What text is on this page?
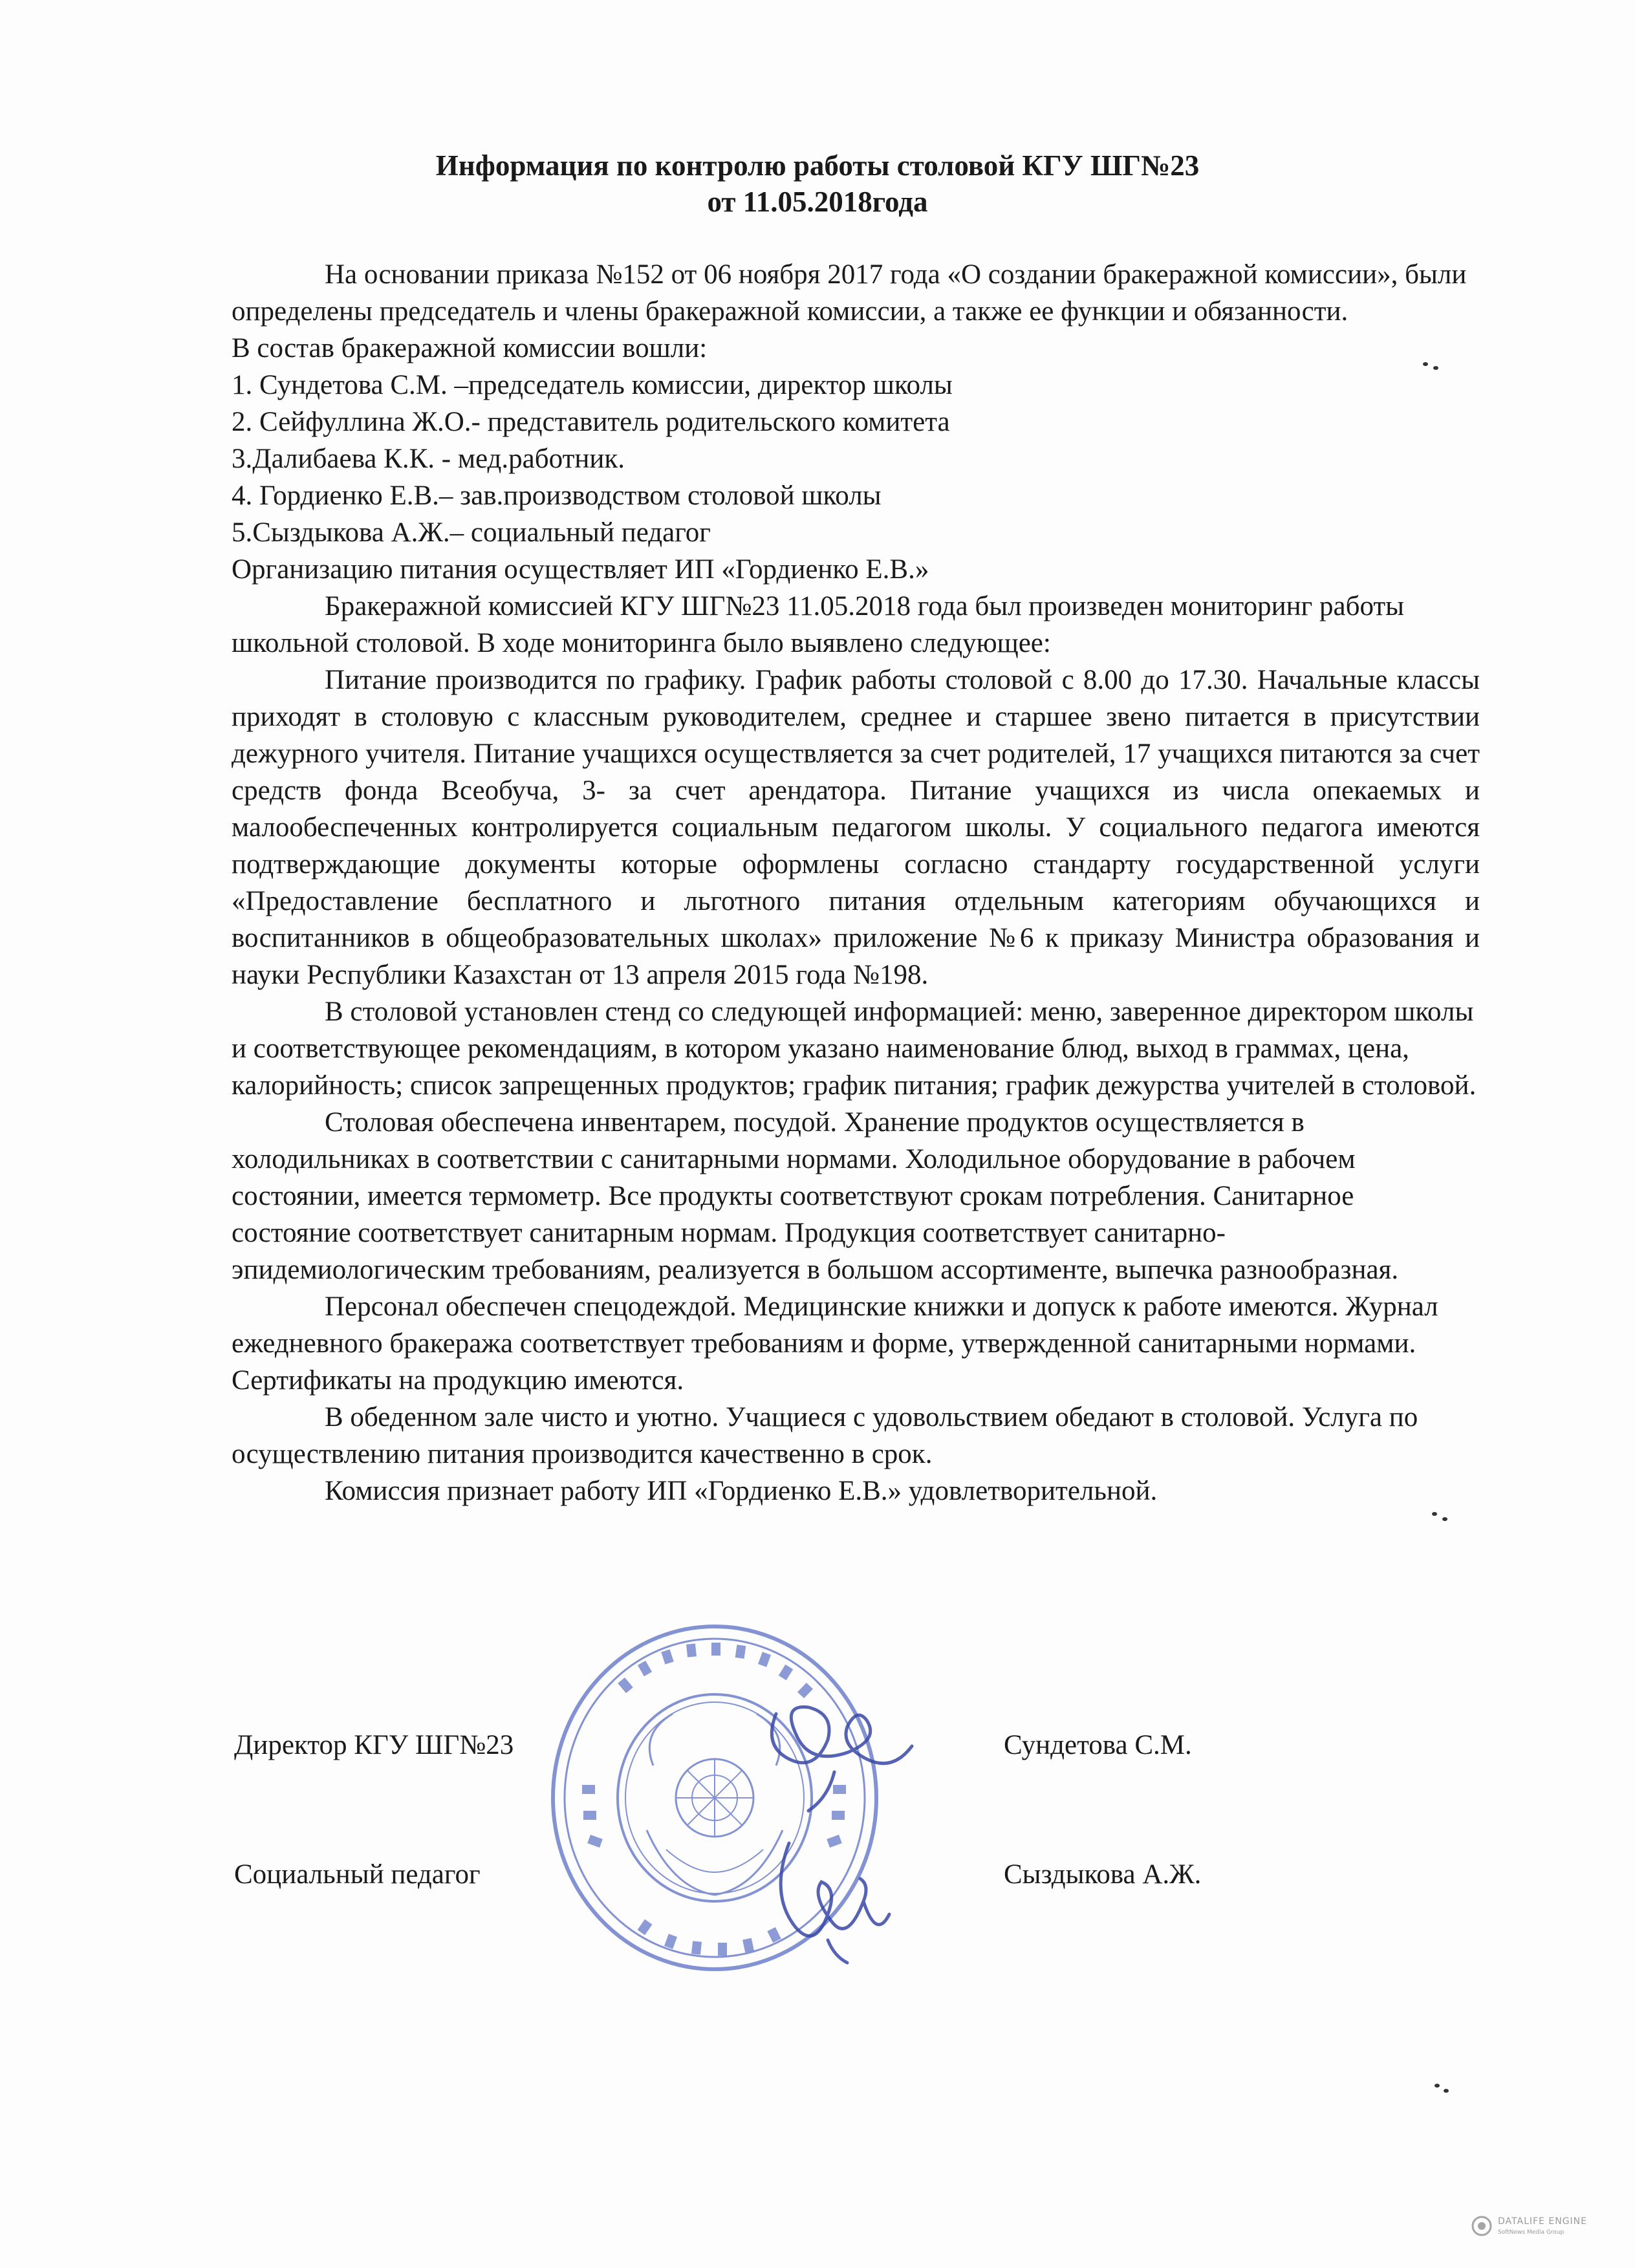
Информация по контролю работы столовой КГУ ШГ№23
от 11.05.2018года

На основании приказа №152 от 06 ноября 2017 года «О создании бракеражной комиссии», были определены председатель и члены бракеражной комиссии, а также ее функции и обязанности.

В состав бракеражной комиссии вошли:

1. Сундетова С.М. –председатель комиссии, директор школы

2. Сейфуллина Ж.О.- представитель родительского комитета

3.Далибаева К.К. - мед.работник.

4. Гордиенко Е.В.– зав.производством столовой школы

5.Сыздыкова А.Ж.– социальный педагог

Организацию питания осуществляет ИП «Гордиенко Е.В.»

Бракеражной комиссией КГУ ШГ№23 11.05.2018 года был произведен мониторинг работы школьной столовой. В ходе мониторинга было выявлено следующее:

Питание производится по графику. График работы столовой с 8.00 до 17.30. Начальные классы приходят в столовую с классным руководителем, среднее и старшее звено питается в присутствии дежурного учителя. Питание учащихся осуществляется за счет родителей, 17 учащихся питаются за счет средств фонда Всеобуча, 3- за счет арендатора. Питание учащихся из числа опекаемых и малообеспеченных контролируется социальным педагогом школы. У социального педагога имеются подтверждающие документы которые оформлены согласно стандарту государственной услуги «Предоставление бесплатного и льготного питания отдельным категориям обучающихся и воспитанников в общеобразовательных школах» приложение №6 к приказу Министра образования и науки Республики Казахстан от 13 апреля 2015 года №198.

В столовой установлен стенд со следующей информацией: меню, заверенное директором школы и соответствующее рекомендациям, в котором указано наименование блюд, выход в граммах, цена, калорийность; список запрещенных продуктов; график питания; график дежурства учителей в столовой.

Столовая обеспечена инвентарем, посудой. Хранение продуктов осуществляется в холодильниках в соответствии с санитарными нормами. Холодильное оборудование в рабочем состоянии, имеется термометр. Все продукты соответствуют срокам потребления. Санитарное состояние соответствует санитарным нормам. Продукция соответствует санитарно- эпидемиологическим требованиям, реализуется в большом ассортименте, выпечка разнообразная.

Персонал обеспечен спецодеждой. Медицинские книжки и допуск к работе имеются. Журнал ежедневного бракеража соответствует требованиям и форме, утвержденной санитарными нормами. Сертификаты на продукцию имеются.

В обеденном зале чисто и уютно. Учащиеся с удовольствием обедают в столовой. Услуга по осуществлению питания производится качественно в срок.

Комиссия признает работу ИП «Гордиенко Е.В.» удовлетворительной.

Директор КГУ ШГ№23	Сундетова С.М.
Социальный педагог	Сыздыкова А.Ж.
DATALIFE ENGINE
SoftNews Media Group
